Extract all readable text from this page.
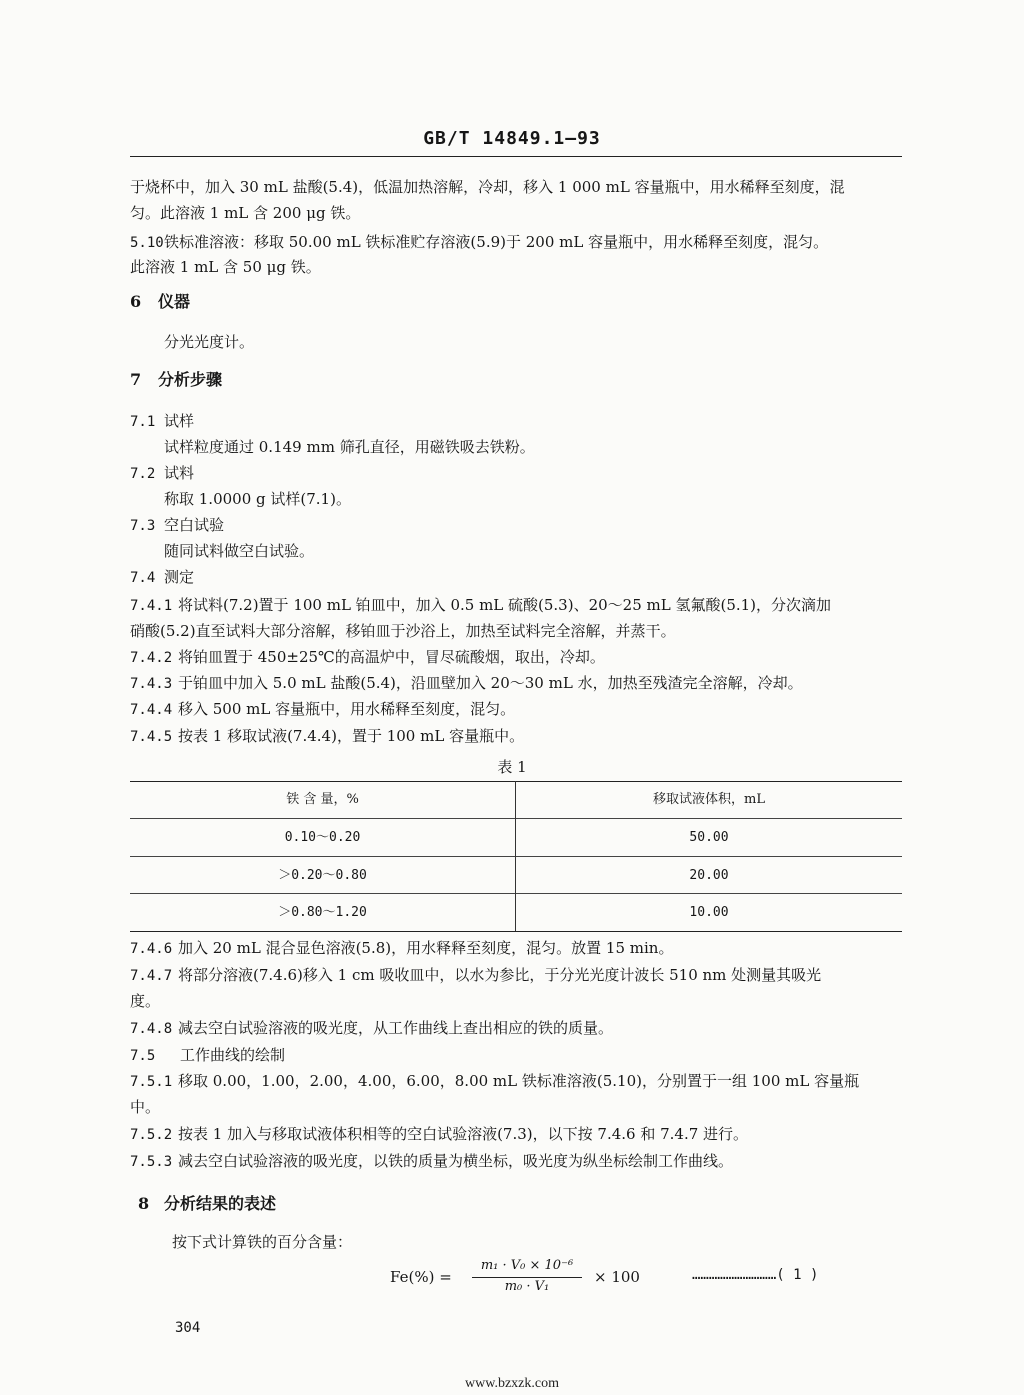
GB/T 14849.1—93
于烧杯中，加入 30 mL 盐酸(5.4)，低温加热溶解，冷却，移入 1 000 mL 容量瓶中，用水稀释至刻度，混
匀。此溶液 1 mL 含 200 μg 铁。
5.10铁标准溶液：移取 50.00 mL 铁标准贮存溶液(5.9)于 200 mL 容量瓶中，用水稀释至刻度，混匀。
此溶液 1 mL 含 50 μg 铁。
6 仪器
分光光度计。
7 分析步骤
7.1 试样
试样粒度通过 0.149 mm 筛孔直径，用磁铁吸去铁粉。
7.2 试料
称取 1.0000 g 试样(7.1)。
7.3 空白试验
随同试料做空白试验。
7.4 测定
7.4.1 将试料(7.2)置于 100 mL 铂皿中，加入 0.5 mL 硫酸(5.3)、20～25 mL 氢氟酸(5.1)，分次滴加
硝酸(5.2)直至试料大部分溶解，移铂皿于沙浴上，加热至试料完全溶解，并蒸干。
7.4.2 将铂皿置于 450±25℃的高温炉中，冒尽硫酸烟，取出，冷却。
7.4.3 于铂皿中加入 5.0 mL 盐酸(5.4)，沿皿壁加入 20～30 mL 水，加热至残渣完全溶解，冷却。
7.4.4 移入 500 mL 容量瓶中，用水稀释至刻度，混匀。
7.4.5 按表 1 移取试液(7.4.4)，置于 100 mL 容量瓶中。
表 1
铁 含 量，%	移取试液体积，mL
0.10～0.20	50.00
＞0.20～0.80	20.00
＞0.80～1.20	10.00
7.4.6 加入 20 mL 混合显色溶液(5.8)，用水释释至刻度，混匀。放置 15 min。
7.4.7 将部分溶液(7.4.6)移入 1 cm 吸收皿中，以水为参比，于分光光度计波长 510 nm 处测量其吸光
度。
7.4.8 减去空白试验溶液的吸光度，从工作曲线上查出相应的铁的质量。
7.5 工作曲线的绘制
7.5.1 移取 0.00，1.00，2.00，4.00，6.00，8.00 mL 铁标准溶液(5.10)，分别置于一组 100 mL 容量瓶
中。
7.5.2 按表 1 加入与移取试液体积相等的空白试验溶液(7.3)，以下按 7.4.6 和 7.4.7 进行。
7.5.3 减去空白试验溶液的吸光度，以铁的质量为横坐标，吸光度为纵坐标绘制工作曲线。
8 分析结果的表述
按下式计算铁的百分含量：
Fe(%) =
m₁ · V₀ × 10⁻⁶
m₀ · V₁
× 100	…………………………( 1 )
304
www.bzxzk.com
